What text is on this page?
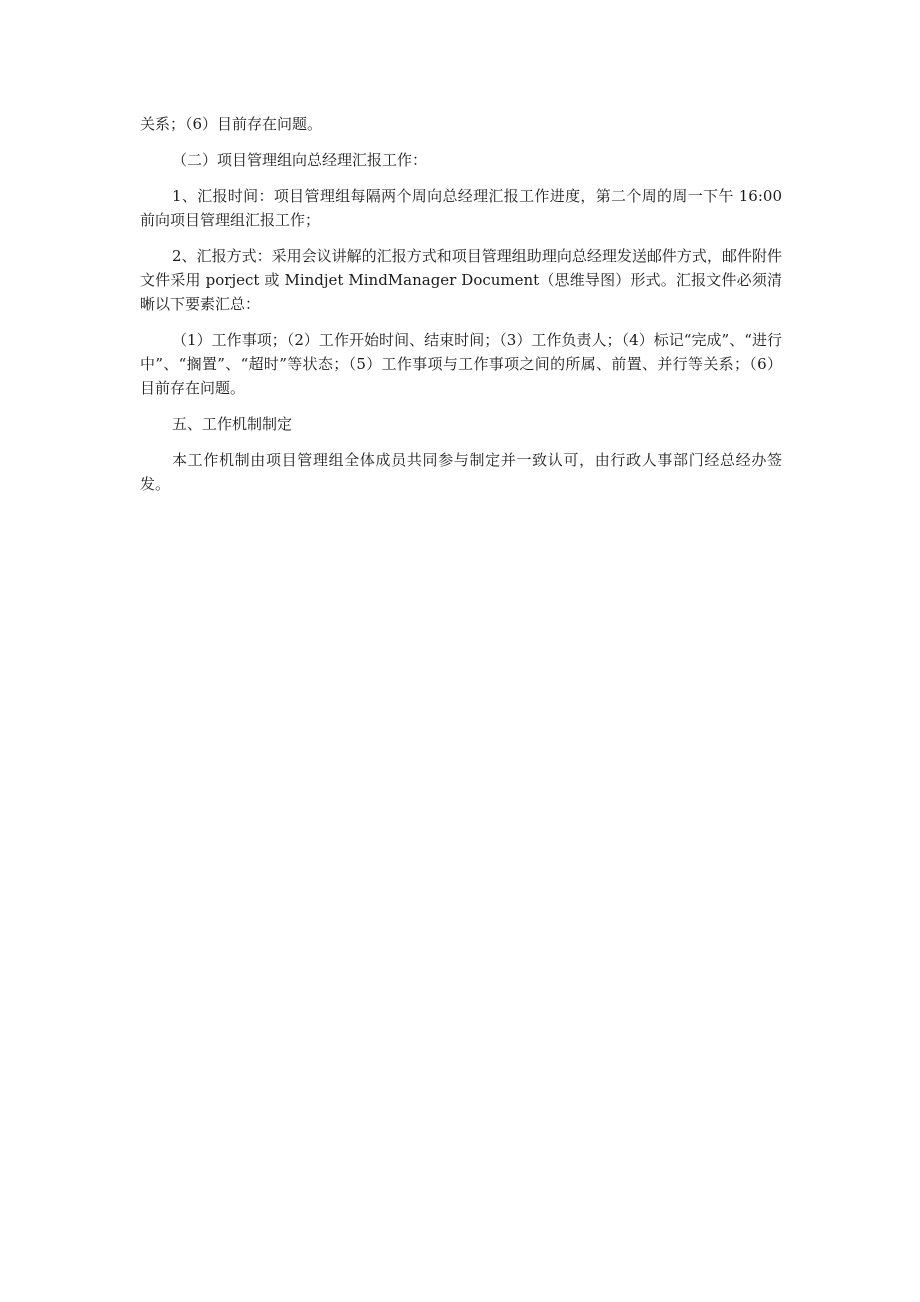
关系；（6）目前存在问题。

（二）项目管理组向总经理汇报工作：

1、汇报时间：项目管理组每隔两个周向总经理汇报工作进度，第二个周的周一下午 16:00 前向项目管理组汇报工作；

2、汇报方式：采用会议讲解的汇报方式和项目管理组助理向总经理发送邮件方式，邮件附件文件采用 porject 或 Mindjet MindManager Document（思维导图）形式。汇报文件必须清晰以下要素汇总：

（1）工作事项；（2）工作开始时间、结束时间；（3）工作负责人；（4）标记“完成”、“进行中”、“搁置”、“超时”等状态；（5）工作事项与工作事项之间的所属、前置、并行等关系；（6）目前存在问题。

五、工作机制制定

本工作机制由项目管理组全体成员共同参与制定并一致认可，由行政人事部门经总经办签发。
